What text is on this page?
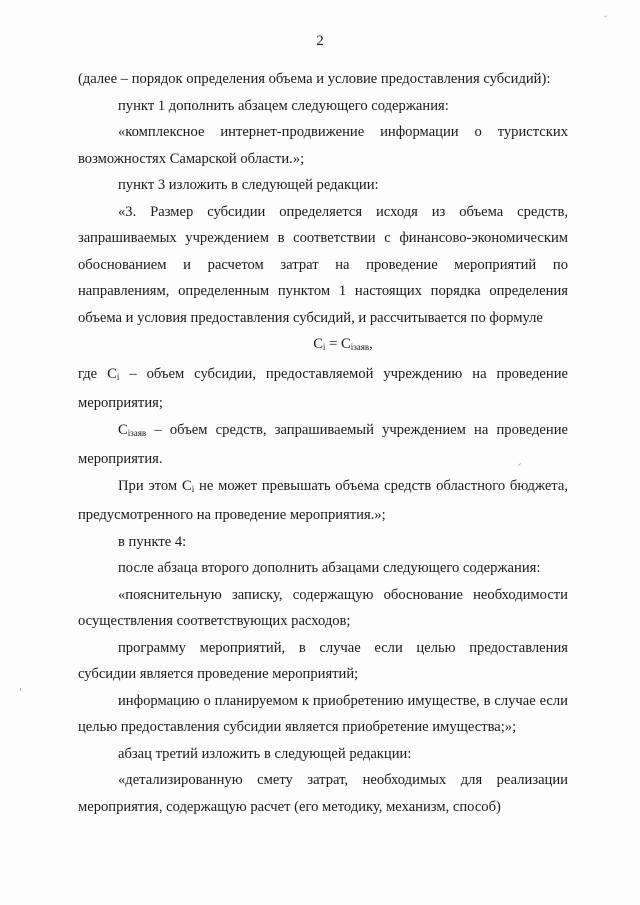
2

(далее – порядок определения объема и условие предоставления субсидий):

пункт 1 дополнить абзацем следующего содержания:

«комплексное интернет-продвижение информации о туристских возможностях Самарской области.»;

пункт 3 изложить в следующей редакции:

«3. Размер субсидии определяется исходя из объема средств, запрашиваемых учреждением в соответствии с финансово-экономическим обоснованием и расчетом затрат на проведение мероприятий по направлениям, определенным пунктом 1 настоящих порядка определения объема и условия предоставления субсидий, и рассчитывается по формуле

$C_i = C_{iзаяв}$,

где $C_i$ – объем субсидии, предоставляемой учреждению на проведение мероприятия;

$C_{iзаяв}$ – объем средств, запрашиваемый учреждением на проведение мероприятия.

При этом $C_i$ не может превышать объема средств областного бюджета, предусмотренного на проведение мероприятия.»;

в пункте 4:

после абзаца второго дополнить абзацами следующего содержания:

«пояснительную записку, содержащую обоснование необходимости осуществления соответствующих расходов;

программу мероприятий, в случае если целью предоставления субсидии является проведение мероприятий;

информацию о планируемом к приобретению имуществе, в случае если целью предоставления субсидии является приобретение имущества;»;

абзац третий изложить в следующей редакции:

«детализированную смету затрат, необходимых для реализации мероприятия, содержащую расчет (его методику, механизм, способ)
